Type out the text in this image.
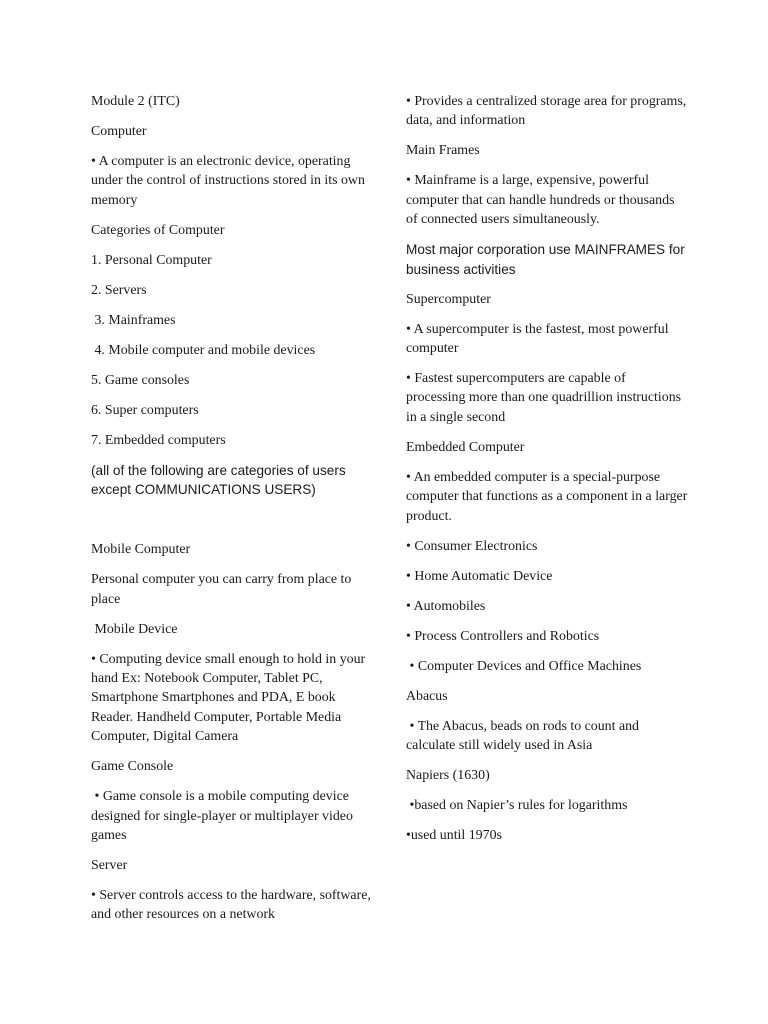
Module 2 (ITC)

Computer

• A computer is an electronic device, operating under the control of instructions stored in its own memory

Categories of Computer

1. Personal Computer

2. Servers

3. Mainframes

4. Mobile computer and mobile devices

5. Game consoles

6. Super computers

7. Embedded computers

(all of the following are categories of users except COMMUNICATIONS USERS)

Mobile Computer

Personal computer you can carry from place to place

Mobile Device

• Computing device small enough to hold in your hand Ex: Notebook Computer, Tablet PC, Smartphone Smartphones and PDA, E book Reader. Handheld Computer, Portable Media Computer, Digital Camera

Game Console

• Game console is a mobile computing device designed for single-player or multiplayer video games

Server

• Server controls access to the hardware, software, and other resources on a network

• Provides a centralized storage area for programs, data, and information

Main Frames

• Mainframe is a large, expensive, powerful computer that can handle hundreds or thousands of connected users simultaneously.

Most major corporation use MAINFRAMES for business activities

Supercomputer

• A supercomputer is the fastest, most powerful computer

• Fastest supercomputers are capable of processing more than one quadrillion instructions in a single second

Embedded Computer

• An embedded computer is a special-purpose computer that functions as a component in a larger product.

• Consumer Electronics

• Home Automatic Device

• Automobiles

• Process Controllers and Robotics

• Computer Devices and Office Machines

Abacus

• The Abacus, beads on rods to count and calculate still widely used in Asia

Napiers (1630)

•based on Napier’s rules for logarithms

•used until 1970s
